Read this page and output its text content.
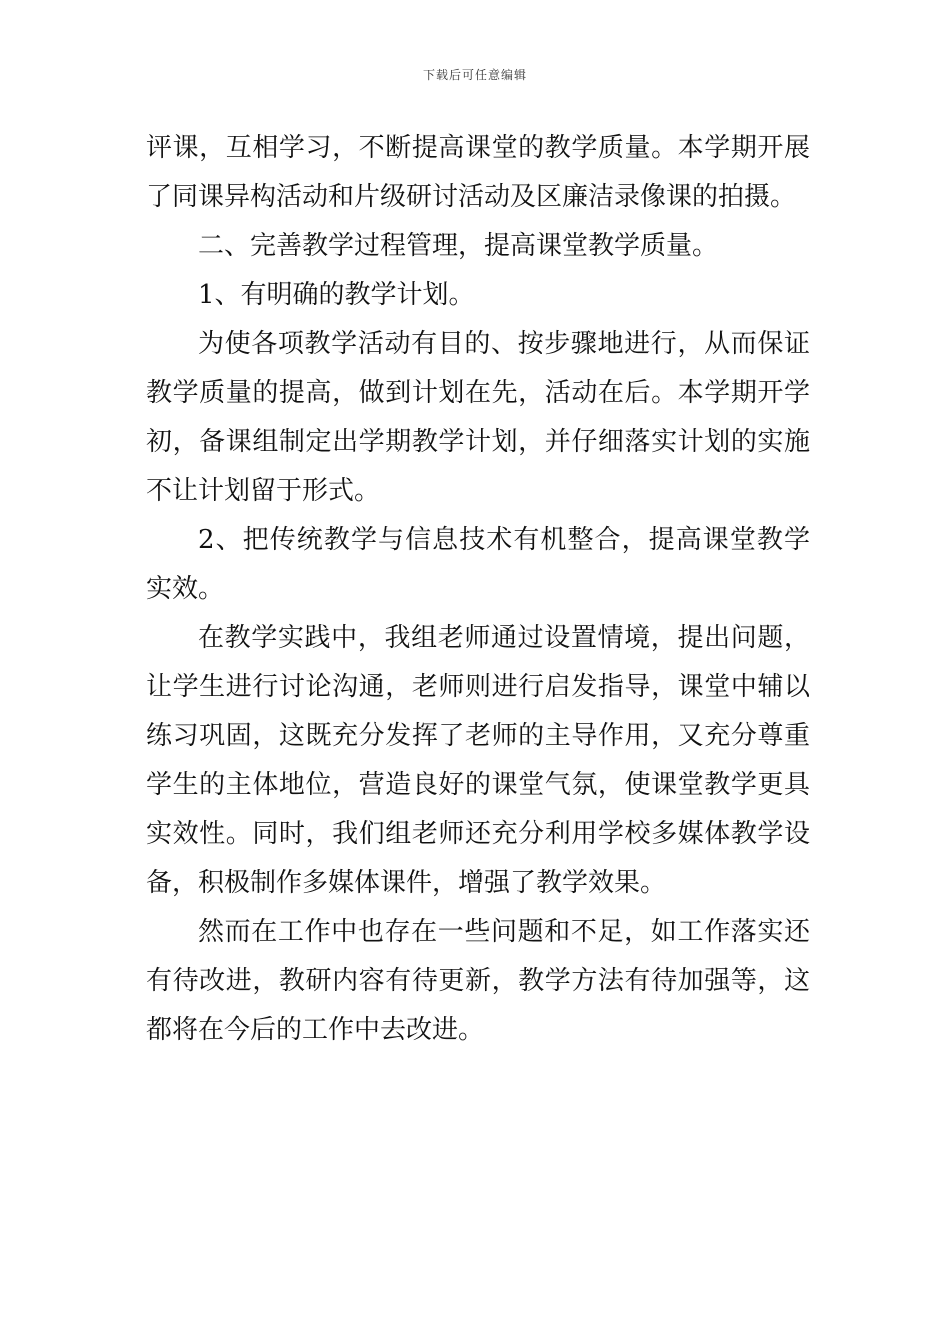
下载后可任意编辑

评课，互相学习，不断提高课堂的教学质量。本学期开展了同课异构活动和片级研讨活动及区廉洁录像课的拍摄。

二、完善教学过程管理，提高课堂教学质量。

1、有明确的教学计划。

为使各项教学活动有目的、按步骤地进行，从而保证教学质量的提高，做到计划在先，活动在后。本学期开学初，备课组制定出学期教学计划，并仔细落实计划的实施不让计划留于形式。

2、把传统教学与信息技术有机整合，提高课堂教学实效。

在教学实践中，我组老师通过设置情境，提出问题，让学生进行讨论沟通，老师则进行启发指导，课堂中辅以练习巩固，这既充分发挥了老师的主导作用，又充分尊重学生的主体地位，营造良好的课堂气氛，使课堂教学更具实效性。同时，我们组老师还充分利用学校多媒体教学设备，积极制作多媒体课件，增强了教学效果。

然而在工作中也存在一些问题和不足，如工作落实还有待改进，教研内容有待更新，教学方法有待加强等，这都将在今后的工作中去改进。
